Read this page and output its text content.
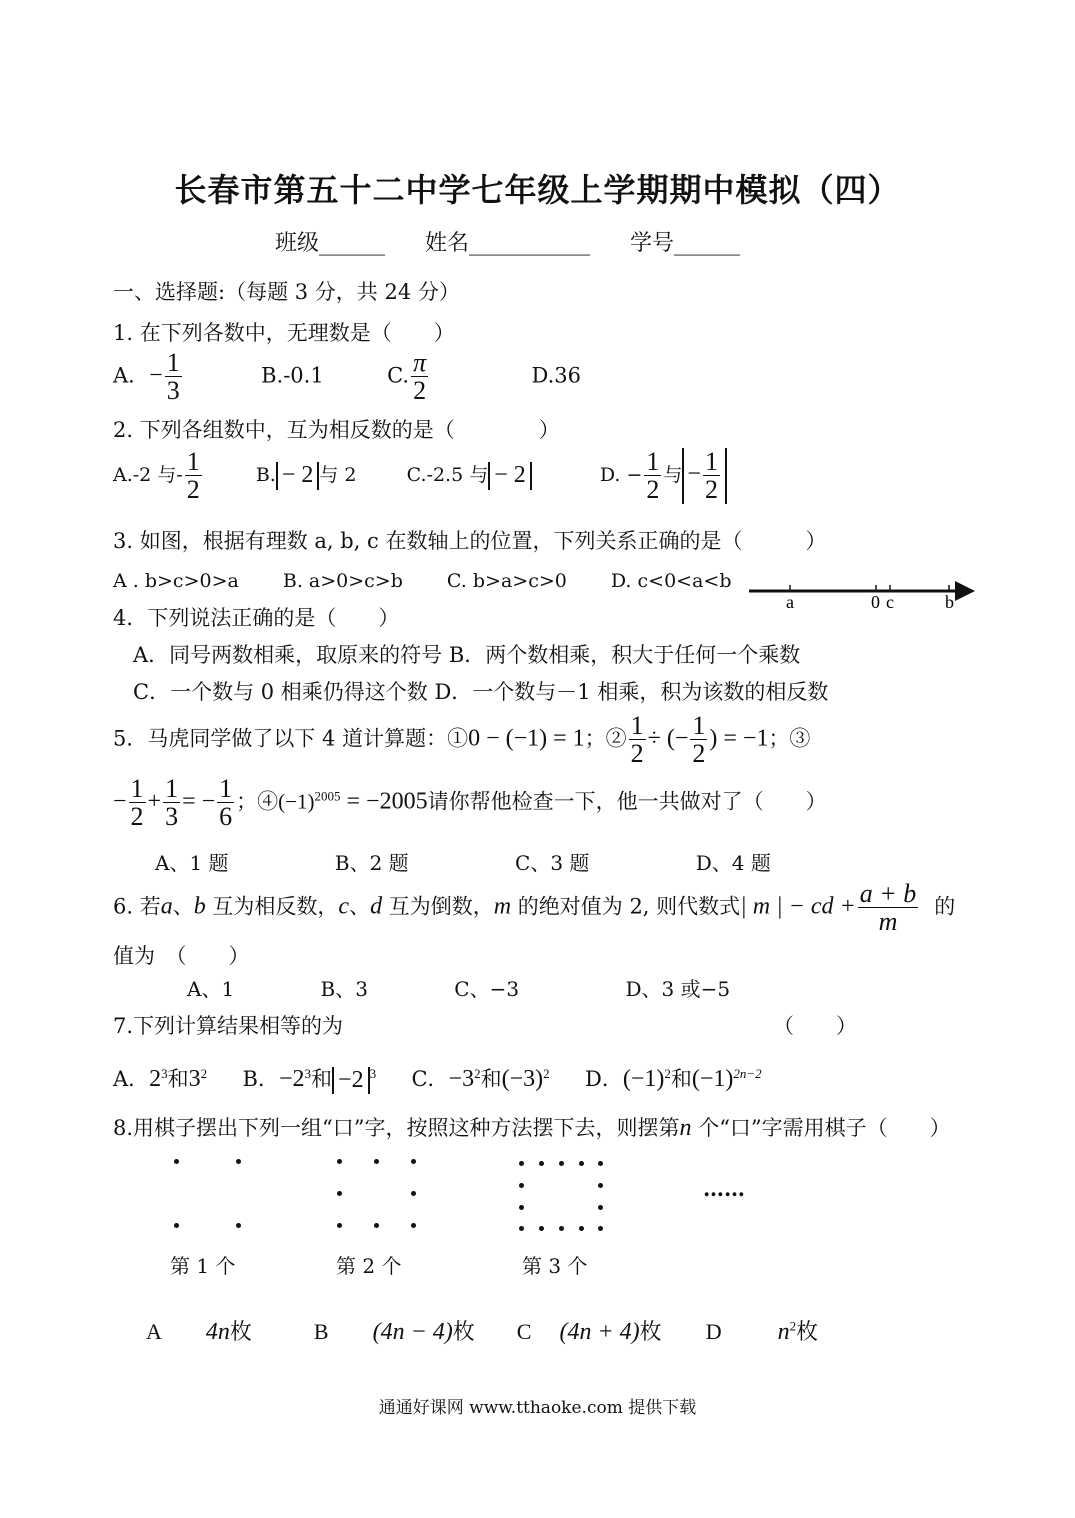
长春市第五十二中学七年级上学期期中模拟（四）
班级______ 姓名___________ 学号______
一、选择题:（每题 3 分，共 24 分）
1. 在下列各数中，无理数是（　　）
A．− $\frac{1}{3}$	B.-0.1	C. $\frac{\pi}{2}$	D.36
2. 下列各组数中，互为相反数的是（　　　　）
A.-2 与- $\frac{1}{2}$	B. − 2 与 2	C.-2.5 与 − 2	D. − $\frac{1}{2}$ 与 − $\frac{1}{2}$
3. 如图，根据有理数 a, b, c 在数轴上的位置，下列关系正确的是（　　　）
A . b>c>0>a　　 B. a>0>c>b　　 C. b>a>c>0　　 D. c<0<a<b
a	0 c	b
4．下列说法正确的是（　　）
A．同号两数相乘，取原来的符号 B．两个数相乘，积大于任何一个乘数
C．一个数与 0 相乘仍得这个数 D．一个数与－1 相乘，积为该数的相反数
5．马虎同学做了以下 4 道计算题：①0 − (−1) = 1；② $\frac{1}{2}$ ÷ (− $\frac{1}{2}$ ) = −1；③
− $\frac{1}{2} + \frac{1}{3}$ = − $\frac{1}{6}$ ；$④(-1)^{2005} = -2005$请你帮他检查一下，他一共做对了（　　）
A、1 题　　　　　 B、2 题　　　　　 C、3 题　　　　　 D、4 题
6. 若a、b 互为相反数，c、d 互为倒数，m 的绝对值为 2, 则代数式| m | − cd + $\frac{a + b}{m}$ 的
值为　（　　）
A、1　　　　 B、3　　　　 C、−3　　　　　 D、3 或−5
7.下列计算结果相等的为	（　　）
A．$2^3$和$3^2$ B．$-2^3$和 −2 $^3$ C．$-3^2$和$(-3)^2$ D．$(-1)^2$和$(-1)^{2n-2}$
8.用棋子摆出下列一组“口”字，按照这种方法摆下去，则摆第n 个“口”字需用棋子（　　）
……
第 1 个	第 2 个	第 3 个
A 4n枚	B (4n − 4)枚 C (4n + 4)枚 D $n^2$枚
通通好课网 www.tthaoke.com 提供下载
